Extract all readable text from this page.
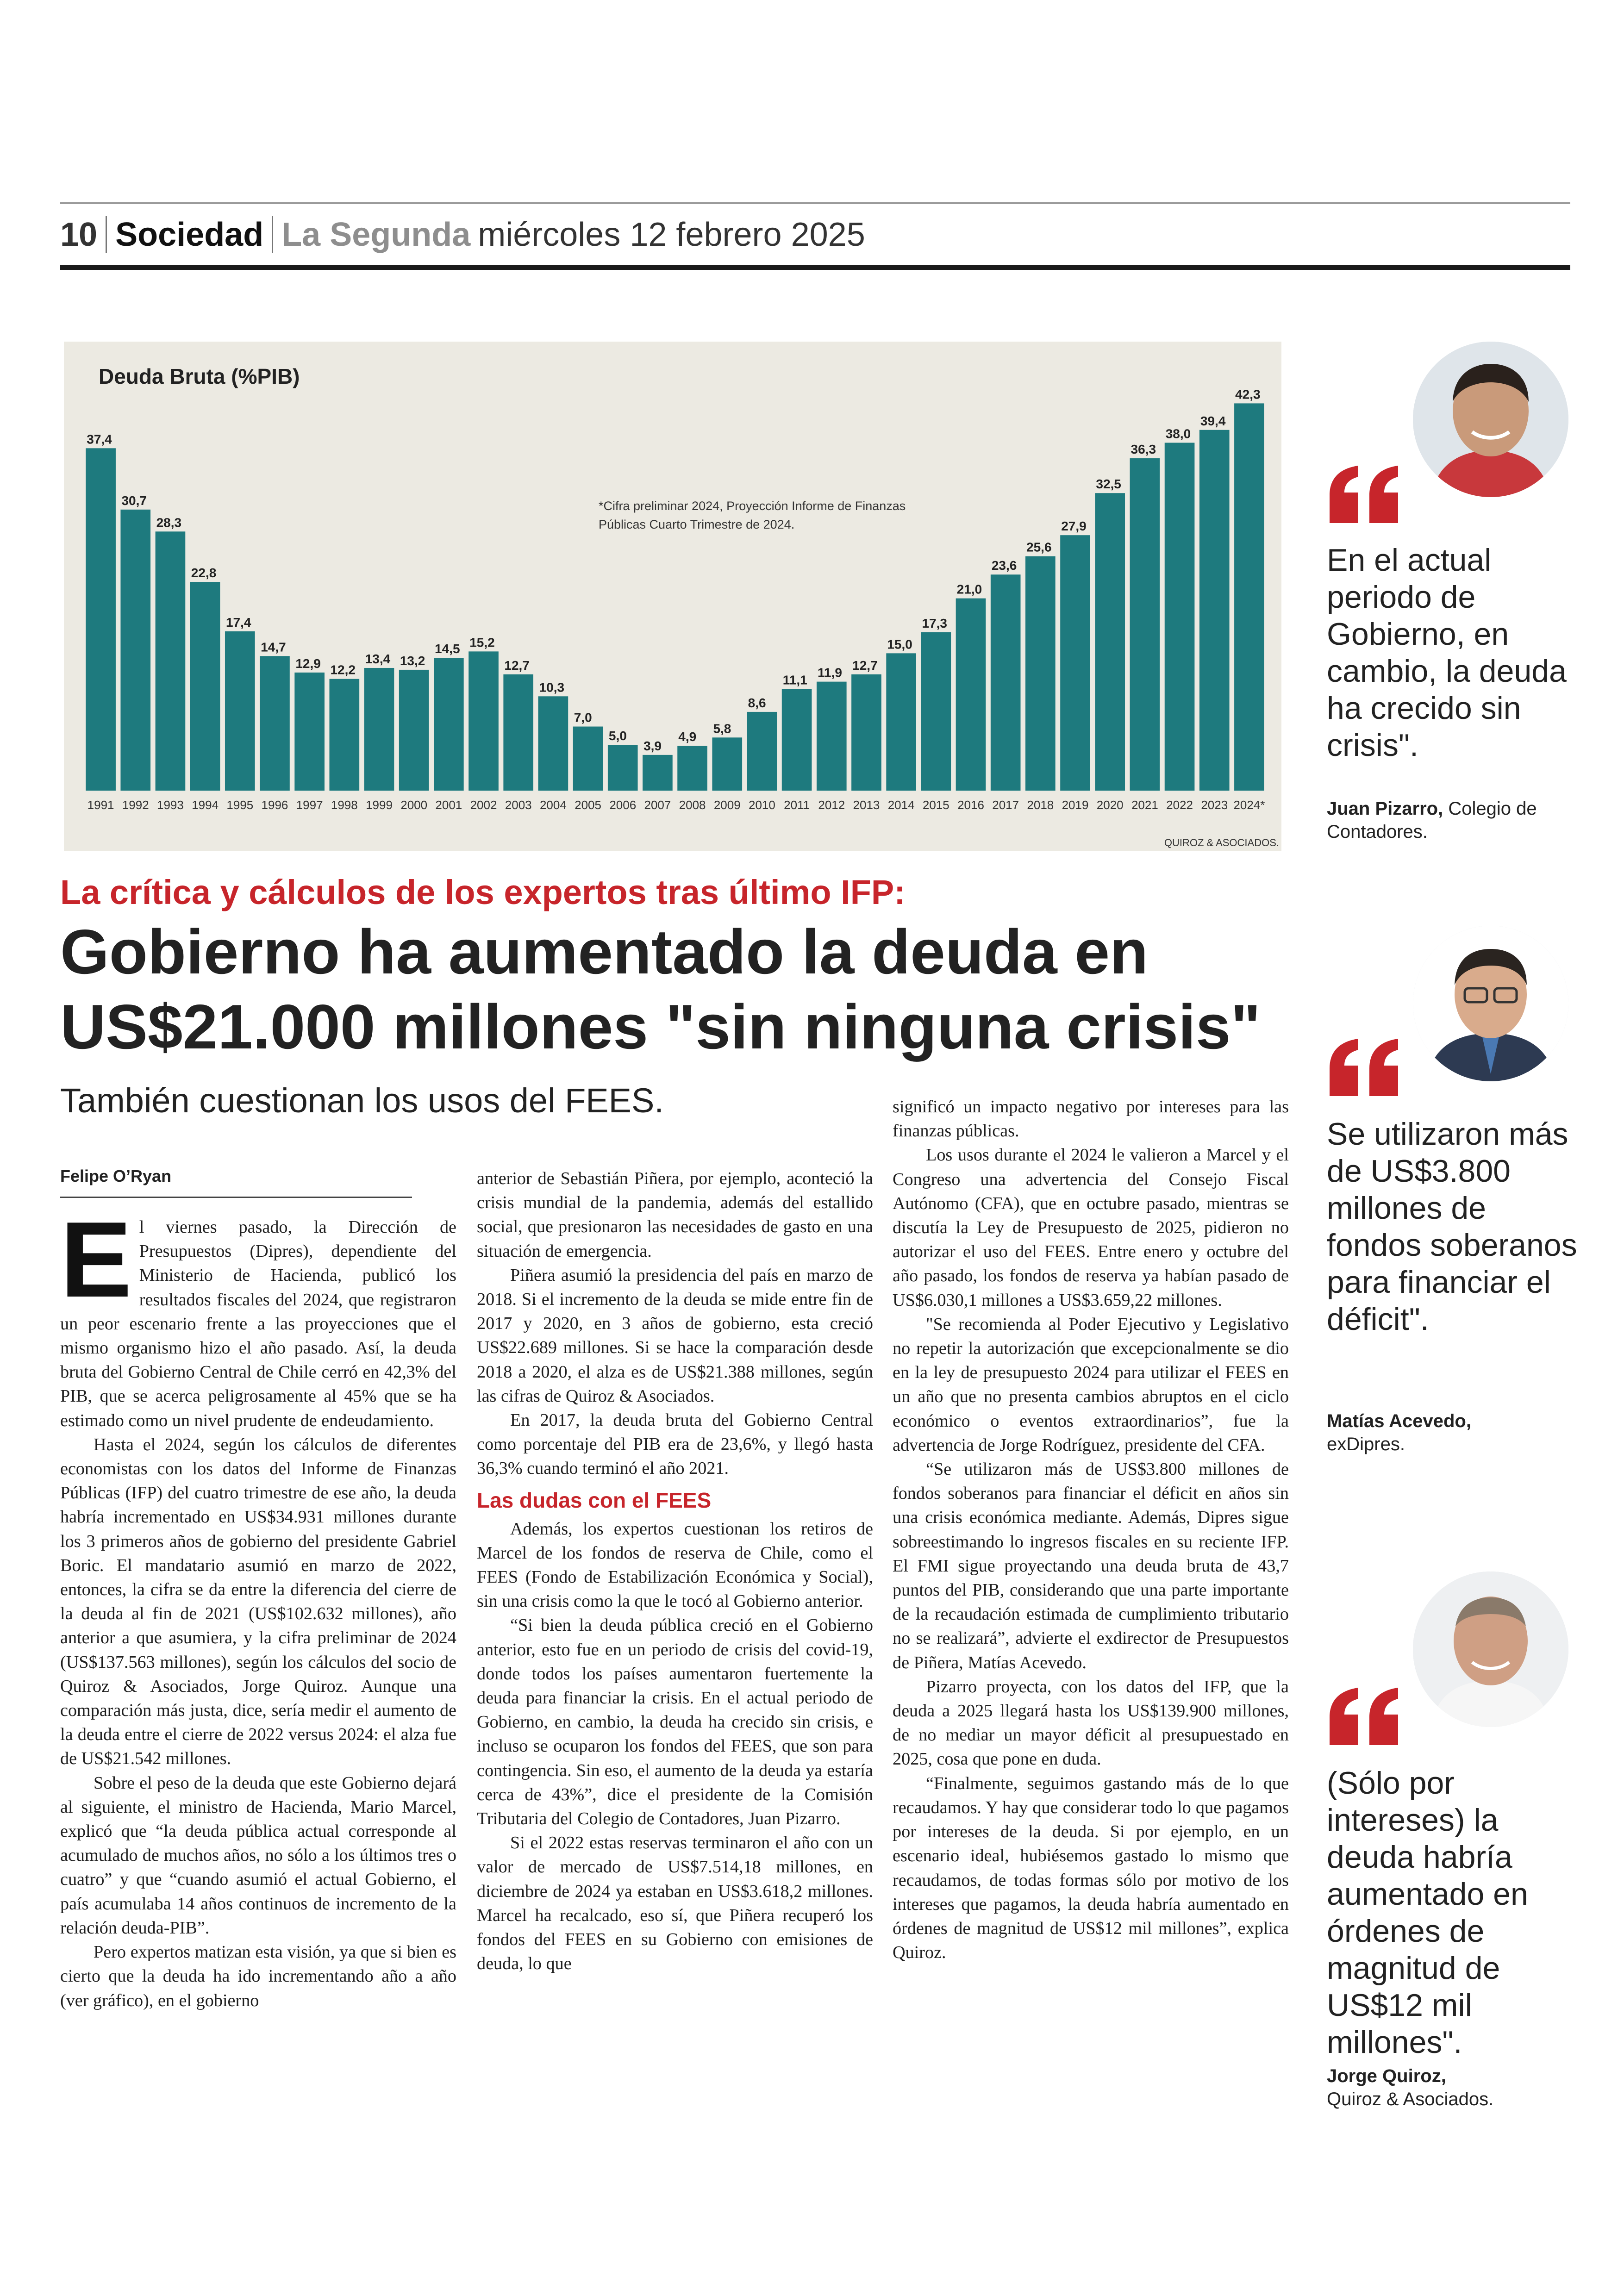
10 Sociedad La Segunda miércoles 12 febrero 2025
37,4
1991
30,7
1992
28,3
1993
22,8
1994
17,4
1995
14,7
1996
12,9
1997
12,2
1998
13,4
1999
13,2
2000
14,5
2001
15,2
2002
12,7
2003
10,3
2004
7,0
2005
5,0
2006
3,9
2007
4,9
2008
5,8
2009
8,6
2010
11,1
2011
11,9
2012
12,7
2013
15,0
2014
17,3
2015
21,0
2016
23,6
2017
25,6
2018
27,9
2019
32,5
2020
36,3
2021
38,0
2022
39,4
2023
42,3
2024*
Deuda Bruta (%PIB)
*Cifra preliminar 2024, Proyección Informe de Finanzas Públicas Cuarto Trimestre de 2024.
QUIROZ & ASOCIADOS.
La crítica y cálculos de los expertos tras último IFP:
Gobierno ha aumentado la deuda en US$21.000 millones "sin ninguna crisis"
También cuestionan los usos del FEES.
Felipe O’Ryan

El viernes pasado, la Dirección de Presupuestos (Dipres), dependiente del Ministerio de Hacienda, publicó los resultados fiscales del 2024, que registraron un peor escenario frente a las proyecciones que el mismo organismo hizo el año pasado. Así, la deuda bruta del Gobierno Central de Chile cerró en 42,3% del PIB, que se acerca peligrosamente al 45% que se ha estimado como un nivel prudente de endeudamiento.

Hasta el 2024, según los cálculos de diferentes economistas con los datos del Informe de Finanzas Públicas (IFP) del cuatro trimestre de ese año, la deuda habría incrementado en US$34.931 millones durante los 3 primeros años de gobierno del presidente Gabriel Boric. El mandatario asumió en marzo de 2022, entonces, la cifra se da entre la diferencia del cierre de la deuda al fin de 2021 (US$102.632 millones), año anterior a que asumiera, y la cifra preliminar de 2024 (US$137.563 millones), según los cálculos del socio de Quiroz & Asociados, Jorge Quiroz. Aunque una comparación más justa, dice, sería medir el aumento de la deuda entre el cierre de 2022 versus 2024: el alza fue de US$21.542 millones.

Sobre el peso de la deuda que este Gobierno dejará al siguiente, el ministro de Hacienda, Mario Marcel, explicó que “la deuda pública actual corresponde al acumulado de muchos años, no sólo a los últimos tres o cuatro” y que “cuando asumió el actual Gobierno, el país acumulaba 14 años continuos de incremento de la relación deuda-PIB”.

Pero expertos matizan esta visión, ya que si bien es cierto que la deuda ha ido incrementando año a año (ver gráfico), en el gobierno

anterior de Sebastián Piñera, por ejemplo, aconteció la crisis mundial de la pandemia, además del estallido social, que presionaron las necesidades de gasto en una situación de emergencia.

Piñera asumió la presidencia del país en marzo de 2018. Si el incremento de la deuda se mide entre fin de 2017 y 2020, en 3 años de gobierno, esta creció US$22.689 millones. Si se hace la comparación desde 2018 a 2020, el alza es de US$21.388 millones, según las cifras de Quiroz & Asociados.

En 2017, la deuda bruta del Gobierno Central como porcentaje del PIB era de 23,6%, y llegó hasta 36,3% cuando terminó el año 2021.

Las dudas con el FEES

Además, los expertos cuestionan los retiros de Marcel de los fondos de reserva de Chile, como el FEES (Fondo de Estabilización Económica y Social), sin una crisis como la que le tocó al Gobierno anterior.

“Si bien la deuda pública creció en el Gobierno anterior, esto fue en un periodo de crisis del covid-19, donde todos los países aumentaron fuertemente la deuda para financiar la crisis. En el actual periodo de Gobierno, en cambio, la deuda ha crecido sin crisis, e incluso se ocuparon los fondos del FEES, que son para contingencia. Sin eso, el aumento de la deuda ya estaría cerca de 43%”, dice el presidente de la Comisión Tributaria del Colegio de Contadores, Juan Pizarro.

Si el 2022 estas reservas terminaron el año con un valor de mercado de US$7.514,18 millones, en diciembre de 2024 ya estaban en US$3.618,2 millones. Marcel ha recalcado, eso sí, que Piñera recuperó los fondos del FEES en su Gobierno con emisiones de deuda, lo que

significó un impacto negativo por intereses para las finanzas públicas.

Los usos durante el 2024 le valieron a Marcel y el Congreso una advertencia del Consejo Fiscal Autónomo (CFA), que en octubre pasado, mientras se discutía la Ley de Presupuesto de 2025, pidieron no autorizar el uso del FEES. Entre enero y octubre del año pasado, los fondos de reserva ya habían pasado de US$6.030,1 millones a US$3.659,22 millones.

"Se recomienda al Poder Ejecutivo y Legislativo no repetir la autorización que excepcionalmente se dio en la ley de presupuesto 2024 para utilizar el FEES en un año que no presenta cambios abruptos en el ciclo económico o eventos extraordinarios”, fue la advertencia de Jorge Rodríguez, presidente del CFA.

“Se utilizaron más de US$3.800 millones de fondos soberanos para financiar el déficit en años sin una crisis económica mediante. Además, Dipres sigue sobreestimando lo ingresos fiscales en su reciente IFP. El FMI sigue proyectando una deuda bruta de 43,7 puntos del PIB, considerando que una parte importante de la recaudación estimada de cumplimiento tributario no se realizará”, advierte el exdirector de Presupuestos de Piñera, Matías Acevedo.

Pizarro proyecta, con los datos del IFP, que la deuda a 2025 llegará hasta los US$139.900 millones, de no mediar un mayor déficit al presupuestado en 2025, cosa que pone en duda.

“Finalmente, seguimos gastando más de lo que recaudamos. Y hay que considerar todo lo que pagamos por intereses de la deuda. Si por ejemplo, en un escenario ideal, hubiésemos gastado lo mismo que recaudamos, de todas formas sólo por motivo de los intereses que pagamos, la deuda habría aumentado en órdenes de magnitud de US$12 mil millones”, explica Quiroz.

En el actual periodo de Gobierno, en cambio, la deuda ha crecido sin crisis".
Juan Pizarro, Colegio de Contadores.
Se utilizaron más de US$3.800 millones de fondos soberanos para financiar el déficit".
Matías Acevedo,
exDipres.
(Sólo por intereses) la deuda habría aumentado en órdenes de magnitud de US$12 mil millones".
Jorge Quiroz,
Quiroz & Asociados.
